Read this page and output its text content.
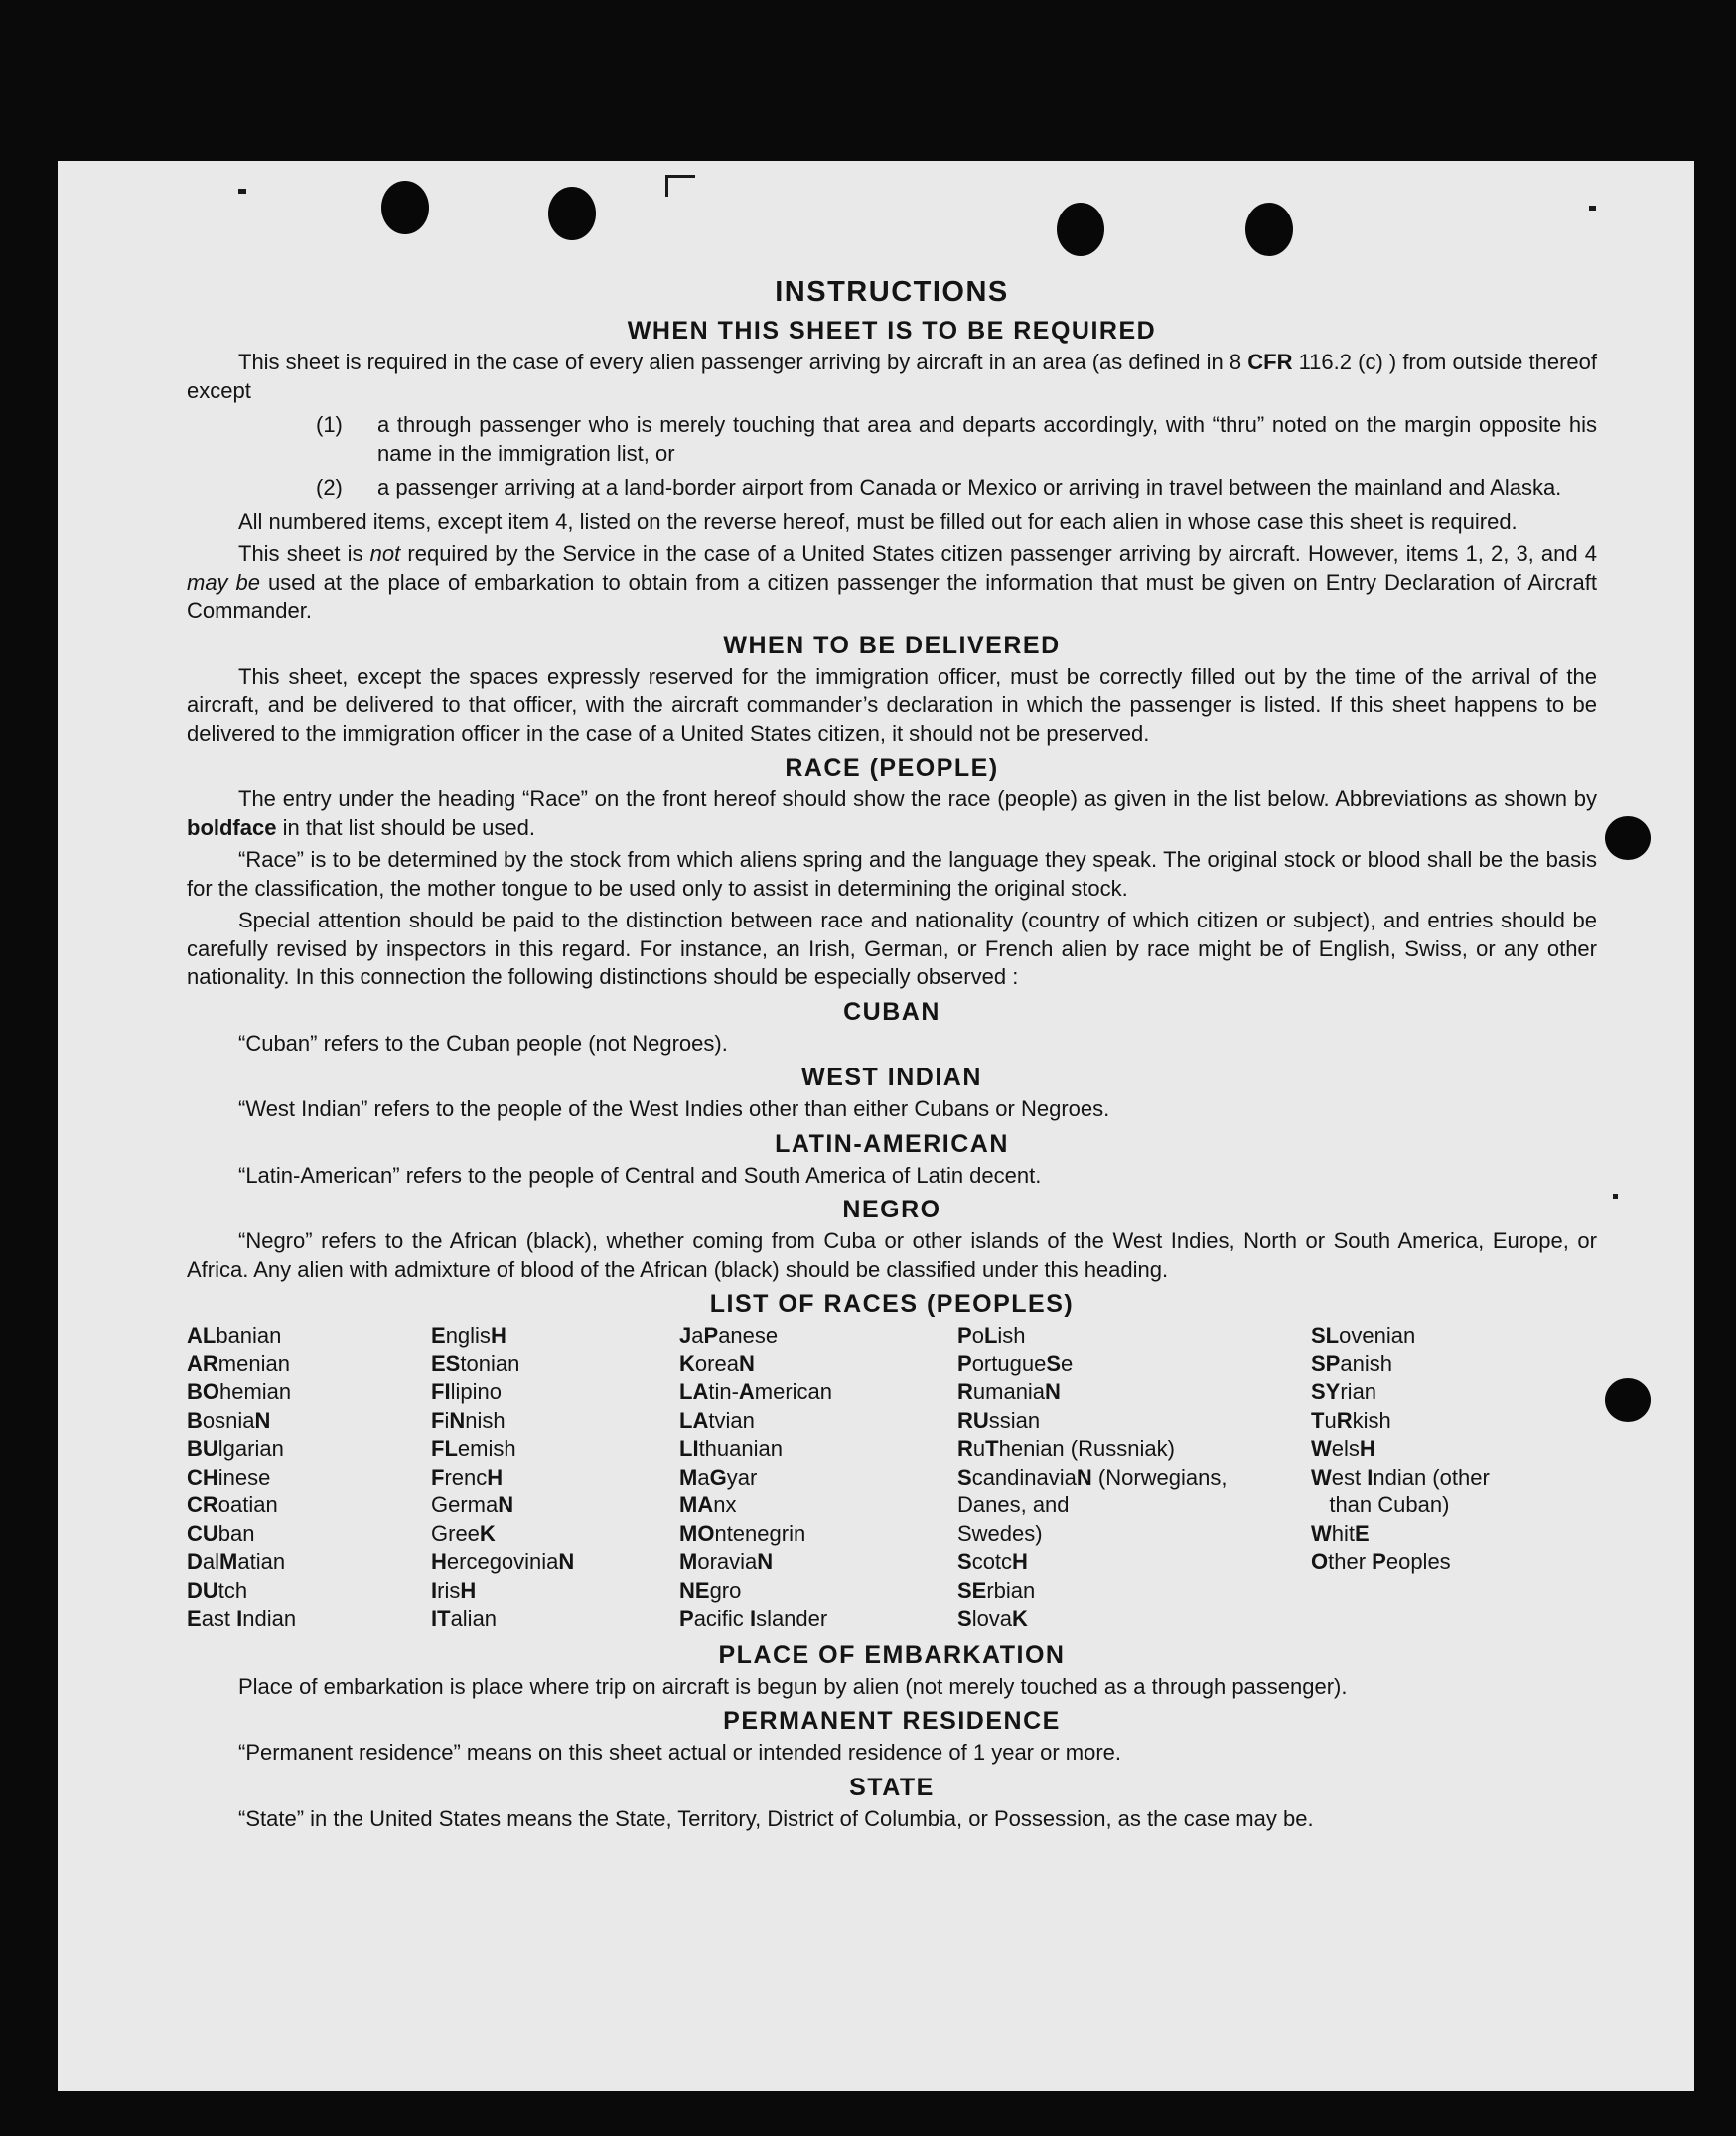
INSTRUCTIONS
WHEN THIS SHEET IS TO BE REQUIRED

This sheet is required in the case of every alien passenger arriving by aircraft in an area (as defined in 8 CFR 116.2 (c) ) from outside thereof except

(1)	a through passenger who is merely touching that area and departs accordingly, with “thru” noted on the margin opposite his name in the immigration list, or
(2)	a passenger arriving at a land-border airport from Canada or Mexico or arriving in travel between the mainland and Alaska.

All numbered items, except item 4, listed on the reverse hereof, must be filled out for each alien in whose case this sheet is required.

This sheet is not required by the Service in the case of a United States citizen passenger arriving by aircraft. However, items 1, 2, 3, and 4 may be used at the place of embarkation to obtain from a citizen passenger the information that must be given on Entry Declaration of Aircraft Commander.

WHEN TO BE DELIVERED

This sheet, except the spaces expressly reserved for the immigration officer, must be correctly filled out by the time of the arrival of the aircraft, and be delivered to that officer, with the aircraft commander’s declaration in which the passenger is listed. If this sheet happens to be delivered to the immigration officer in the case of a United States citizen, it should not be preserved.

RACE (PEOPLE)

The entry under the heading “Race” on the front hereof should show the race (people) as given in the list below. Abbreviations as shown by boldface in that list should be used.

“Race” is to be determined by the stock from which aliens spring and the language they speak. The original stock or blood shall be the basis for the classification, the mother tongue to be used only to assist in determining the original stock.

Special attention should be paid to the distinction between race and nationality (country of which citizen or subject), and entries should be carefully revised by inspectors in this regard. For instance, an Irish, German, or French alien by race might be of English, Swiss, or any other nationality. In this connection the following distinctions should be especially observed :

CUBAN

“Cuban” refers to the Cuban people (not Negroes).

WEST INDIAN

“West Indian” refers to the people of the West Indies other than either Cubans or Negroes.

LATIN-AMERICAN

“Latin-American” refers to the people of Central and South America of Latin decent.

NEGRO

“Negro” refers to the African (black), whether coming from Cuba or other islands of the West Indies, North or South America, Europe, or Africa. Any alien with admixture of blood of the African (black) should be classified under this heading.

LIST OF RACES (PEOPLES)
ALbanian
ARmenian
BOhemian
BosniaN
BUlgarian
CHinese
CRoatian
CUban
DalMatian
DUtch
East Indian
EnglisH
EStonian
FIlipino
FiNnish
FLemish
FrencH
GermaN
GreeK
HercegoviniaN
IrisH
ITalian
JaPanese
KoreaN
LAtin-American
LAtvian
LIthuanian
MaGyar
MAnx
MOntenegrin
MoraviaN
NEgro
Pacific Islander
PoLish
PortugueSe
RumaniaN
RUssian
RuThenian (Russniak)
ScandinaviaN (Norwegians,
Danes, and
Swedes)
ScotcH
SErbian
SlovaK
SLovenian
SPanish
SYrian
TuRkish
WelsH
West Indian (other
than Cuban)
WhitE
Other Peoples
PLACE OF EMBARKATION

Place of embarkation is place where trip on aircraft is begun by alien (not merely touched as a through passenger).

PERMANENT RESIDENCE

“Permanent residence” means on this sheet actual or intended residence of 1 year or more.

STATE

“State” in the United States means the State, Territory, District of Columbia, or Possession, as the case may be.
